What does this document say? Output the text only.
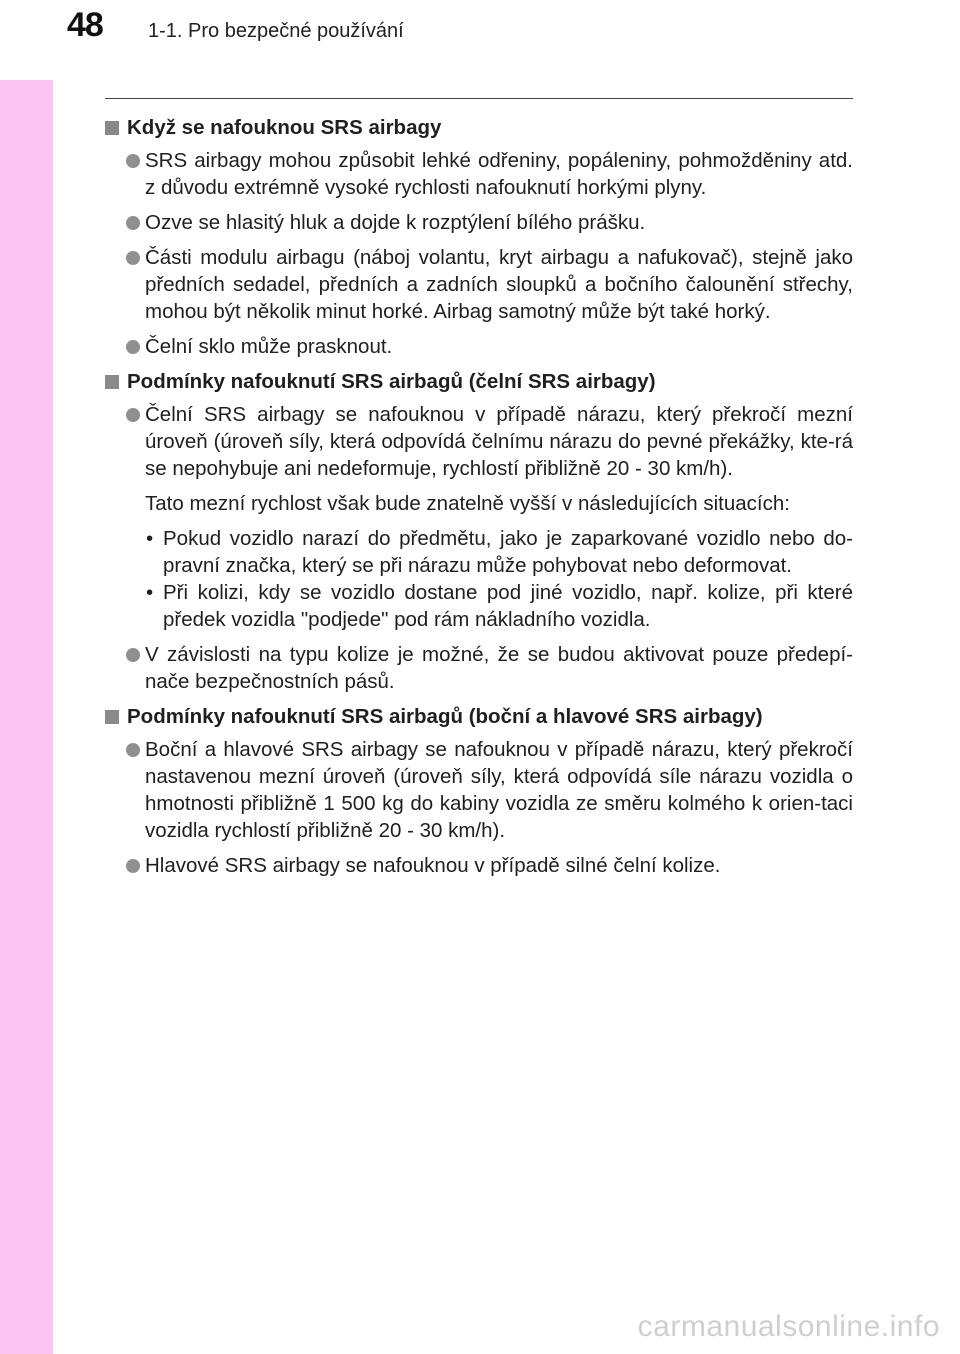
48 1-1. Pro bezpečné používání
Když se nafouknou SRS airbagy
SRS airbagy mohou způsobit lehké odřeniny, popáleniny, pohmožděniny atd. z důvodu extrémně vysoké rychlosti nafouknutí horkými plyny.
Ozve se hlasitý hluk a dojde k rozptýlení bílého prášku.
Části modulu airbagu (náboj volantu, kryt airbagu a nafukovač), stejně jako předních sedadel, předních a zadních sloupků a bočního čalounění střechy, mohou být několik minut horké. Airbag samotný může být také horký.
Čelní sklo může prasknout.
Podmínky nafouknutí SRS airbagů (čelní SRS airbagy)
Čelní SRS airbagy se nafouknou v případě nárazu, který překročí mezní úroveň (úroveň síly, která odpovídá čelnímu nárazu do pevné překážky, kte-rá se nepohybuje ani nedeformuje, rychlostí přibližně 20 - 30 km/h).
Tato mezní rychlost však bude znatelně vyšší v následujících situacích:
• Pokud vozidlo narazí do předmětu, jako je zaparkované vozidlo nebo do-pravní značka, který se při nárazu může pohybovat nebo deformovat.
• Při kolizi, kdy se vozidlo dostane pod jiné vozidlo, např. kolize, při které předek vozidla "podjede" pod rám nákladního vozidla.
V závislosti na typu kolize je možné, že se budou aktivovat pouze předepí-nače bezpečnostních pásů.
Podmínky nafouknutí SRS airbagů (boční a hlavové SRS airbagy)
Boční a hlavové SRS airbagy se nafouknou v případě nárazu, který překročí nastavenou mezní úroveň (úroveň síly, která odpovídá síle nárazu vozidla o hmotnosti přibližně 1 500 kg do kabiny vozidla ze směru kolmého k orien-taci vozidla rychlostí přibližně 20 - 30 km/h).
Hlavové SRS airbagy se nafouknou v případě silné čelní kolize.
carmanualsonline.info
